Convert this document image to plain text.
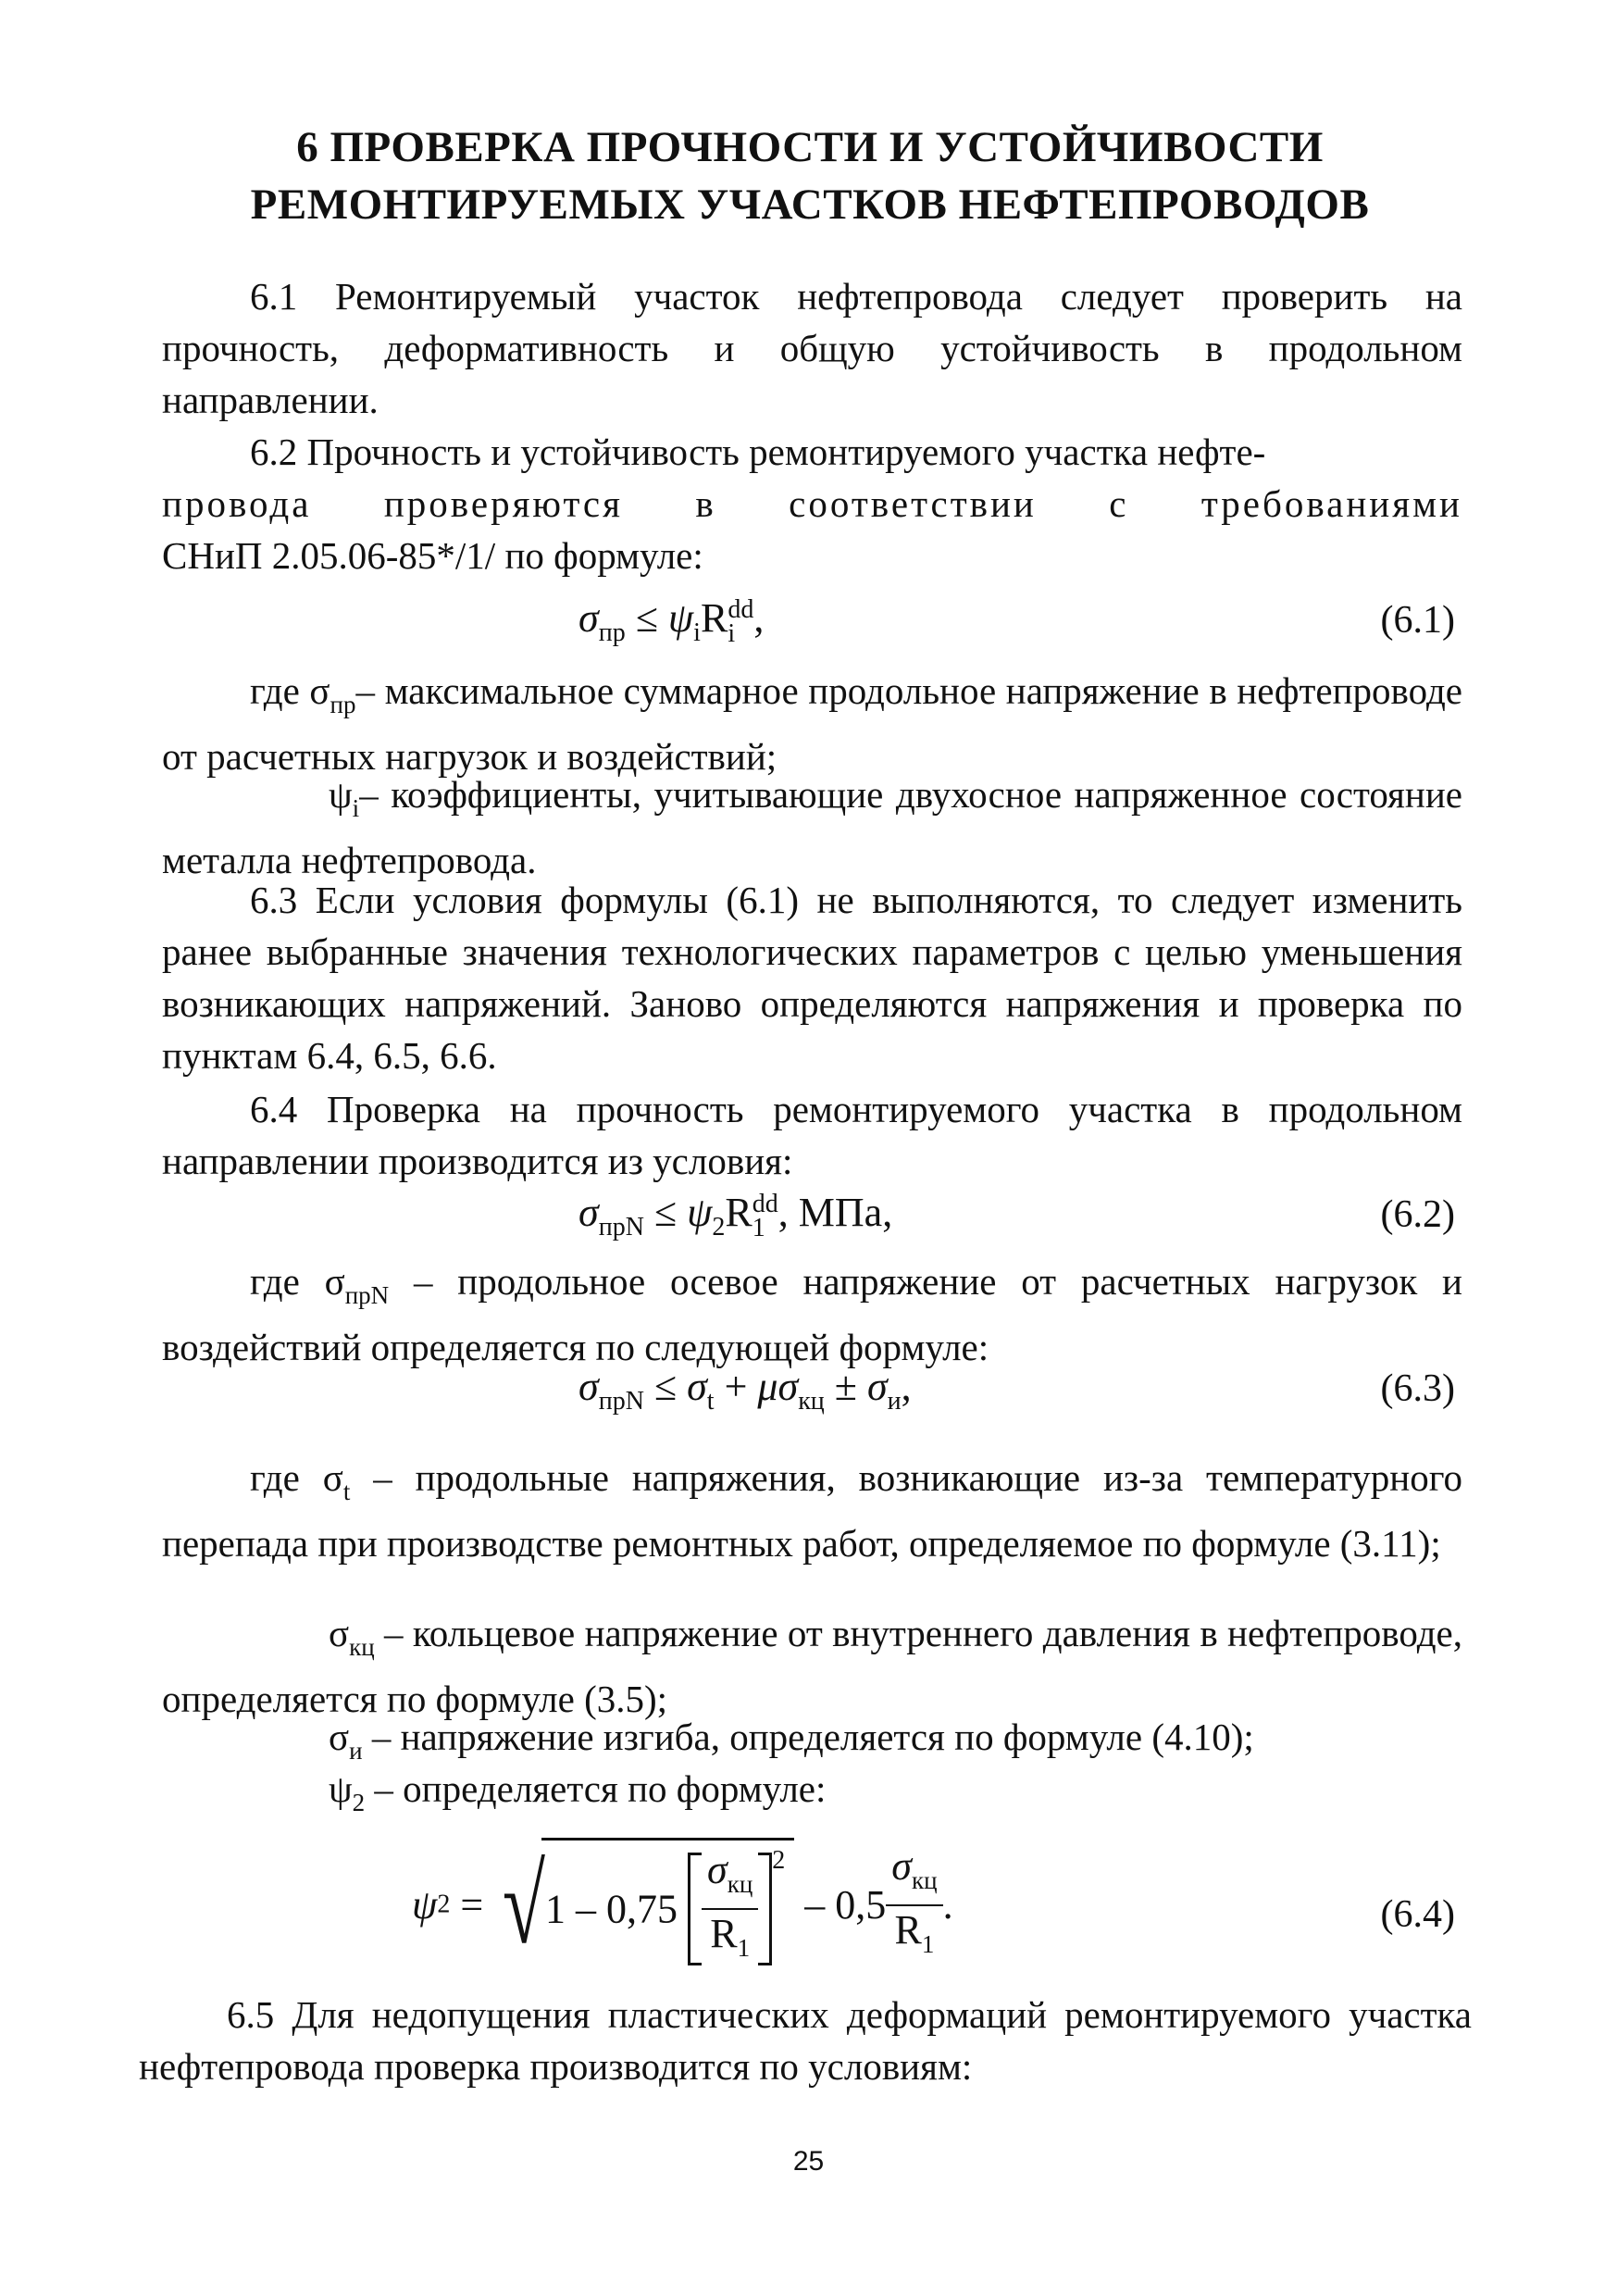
6 ПРОВЕРКА ПРОЧНОСТИ И УСТОЙЧИВОСТИ
РЕМОНТИРУЕМЫХ УЧАСТКОВ НЕФТЕПРОВОДОВ
6.1 Ремонтируемый участок нефтепровода следует проверить на прочность, деформативность и общую устойчивость в продольном направлении.
6.2 Прочность и устойчивость ремонтируемого участка нефте-
провода проверяются в соответствии с требованиями
СНиП 2.05.06-85*/1/ по формуле:
$\sigma_{пр} \le \psi_iR$ dd
i ,	(6.1)
где $\sigma_{пр}-$ максимальное суммарное продольное напряжение в нефтепроводе от расчетных нагрузок и воздействий;
$\psi_i-$ коэффициенты, учитывающие двухосное напряженное состояние металла нефтепровода.
6.3 Если условия формулы (6.1) не выполняются, то следует изменить ранее выбранные значения технологических параметров с целью уменьшения возникающих напряжений. Заново определяются напряжения и проверка по пунктам 6.4, 6.5, 6.6.
6.4 Проверка на прочность ремонтируемого участка в продольном направлении производится из условия:
$\sigma_{прN} \le \psi_2R$ dd
1 , МПа,	(6.2)
где $\sigma_{прN}$ – продольное осевое напряжение от расчетных нагрузок и воздействий определяется по следующей формуле:
$\sigma_{прN} \le \sigma_t + \mu\sigma_{кц} \pm \sigma_и$,	(6.3)
где $\sigma_t$ – продольные напряжения, возникающие из-за температурного перепада при производстве ремонтных работ, определяемое по формуле (3.11);
$\sigma_{кц}$ – кольцевое напряжение от внутреннего давления в нефтепроводе, определяется по формуле (3.5);
$\sigma_и$ – напряжение изгиба, определяется по формуле (4.10);
$\psi_2$ – определяется по формуле:
$\psi 2 = √1 - 0,75 \frac{\sigma_{кц}}{R_1} ^2 - 0,5 \frac{\sigma_{кц}}{R_1}$ .	(6.4)
6.5 Для недопущения пластических деформаций ремонтируемого участка нефтепровода проверка производится по условиям:
25
